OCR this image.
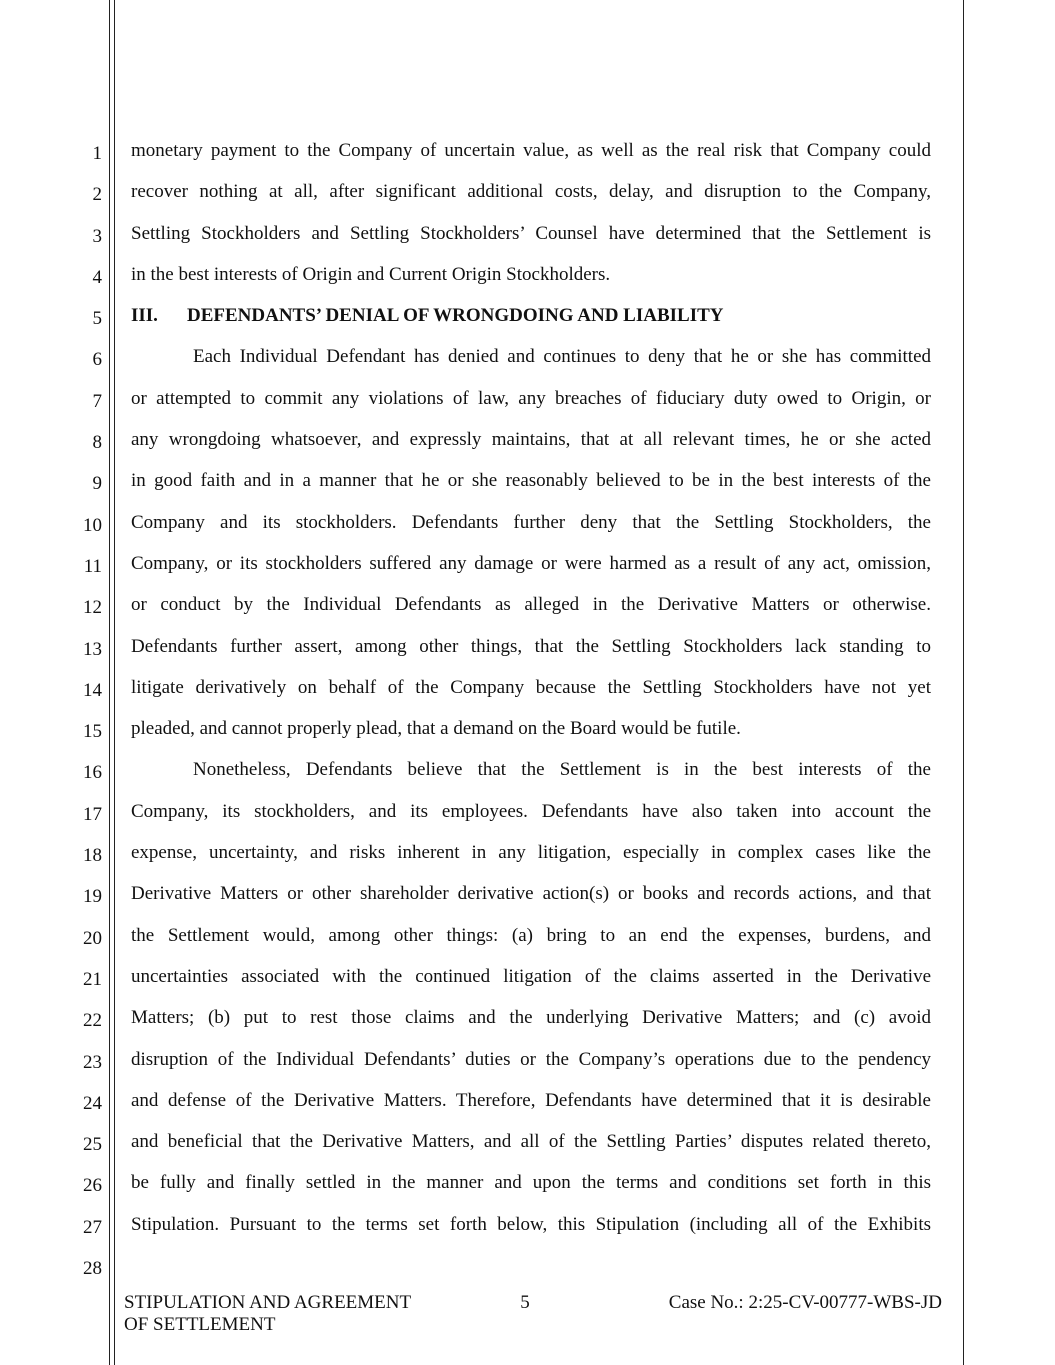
1
2
3
4
5
6
7
8
9
10
11
12
13
14
15
16
17
18
19
20
21
22
23
24
25
26
27
28
monetary payment to the Company of uncertain value, as well as the real risk that Company could
recover nothing at all, after significant additional costs, delay, and disruption to the Company,
Settling Stockholders and Settling Stockholders’ Counsel have determined that the Settlement is
in the best interests of Origin and Current Origin Stockholders.
III. DEFENDANTS’ DENIAL OF WRONGDOING AND LIABILITY
Each Individual Defendant has denied and continues to deny that he or she has committed
or attempted to commit any violations of law, any breaches of fiduciary duty owed to Origin, or
any wrongdoing whatsoever, and expressly maintains, that at all relevant times, he or she acted
in good faith and in a manner that he or she reasonably believed to be in the best interests of the
Company and its stockholders. Defendants further deny that the Settling Stockholders, the
Company, or its stockholders suffered any damage or were harmed as a result of any act, omission,
or conduct by the Individual Defendants as alleged in the Derivative Matters or otherwise.
Defendants further assert, among other things, that the Settling Stockholders lack standing to
litigate derivatively on behalf of the Company because the Settling Stockholders have not yet
pleaded, and cannot properly plead, that a demand on the Board would be futile.
Nonetheless, Defendants believe that the Settlement is in the best interests of the
Company, its stockholders, and its employees. Defendants have also taken into account the
expense, uncertainty, and risks inherent in any litigation, especially in complex cases like the
Derivative Matters or other shareholder derivative action(s) or books and records actions, and that
the Settlement would, among other things: (a) bring to an end the expenses, burdens, and
uncertainties associated with the continued litigation of the claims asserted in the Derivative
Matters; (b) put to rest those claims and the underlying Derivative Matters; and (c) avoid
disruption of the Individual Defendants’ duties or the Company’s operations due to the pendency
and defense of the Derivative Matters. Therefore, Defendants have determined that it is desirable
and beneficial that the Derivative Matters, and all of the Settling Parties’ disputes related thereto,
be fully and finally settled in the manner and upon the terms and conditions set forth in this
Stipulation. Pursuant to the terms set forth below, this Stipulation (including all of the Exhibits
STIPULATION AND AGREEMENT
OF SETTLEMENT
5	Case No.: 2:25-CV-00777-WBS-JD
